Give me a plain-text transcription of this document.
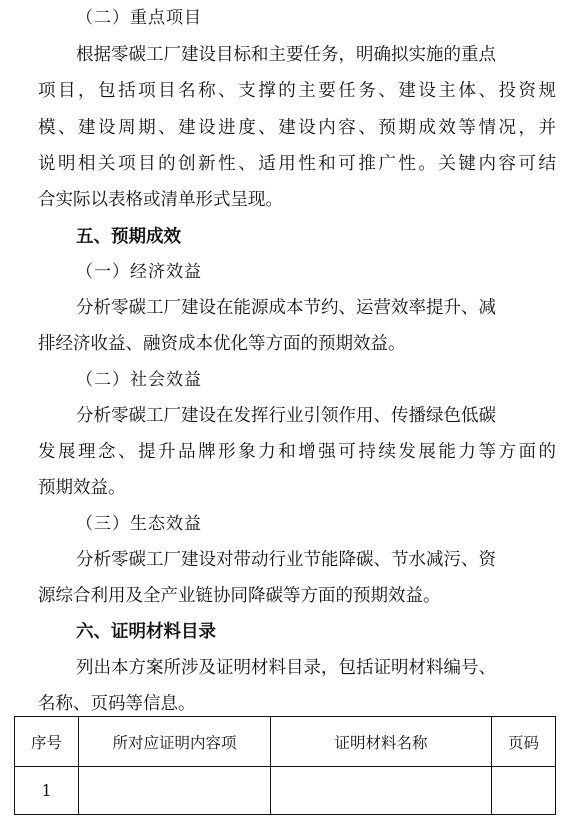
（二）重点项目
根据零碳工厂建设目标和主要任务，明确拟实施的重点
项目，包括项目名称、支撑的主要任务、建设主体、投资规
模、建设周期、建设进度、建设内容、预期成效等情况，并
说明相关项目的创新性、适用性和可推广性。关键内容可结
合实际以表格或清单形式呈现。
五、预期成效
（一）经济效益
分析零碳工厂建设在能源成本节约、运营效率提升、减
排经济收益、融资成本优化等方面的预期效益。
（二）社会效益
分析零碳工厂建设在发挥行业引领作用、传播绿色低碳
发展理念、提升品牌形象力和增强可持续发展能力等方面的
预期效益。
（三）生态效益
分析零碳工厂建设对带动行业节能降碳、节水减污、资
源综合利用及全产业链协同降碳等方面的预期效益。
六、证明材料目录
列出本方案所涉及证明材料目录，包括证明材料编号、
名称、页码等信息。
序号	所对应证明内容项	证明材料名称	页码
1			
